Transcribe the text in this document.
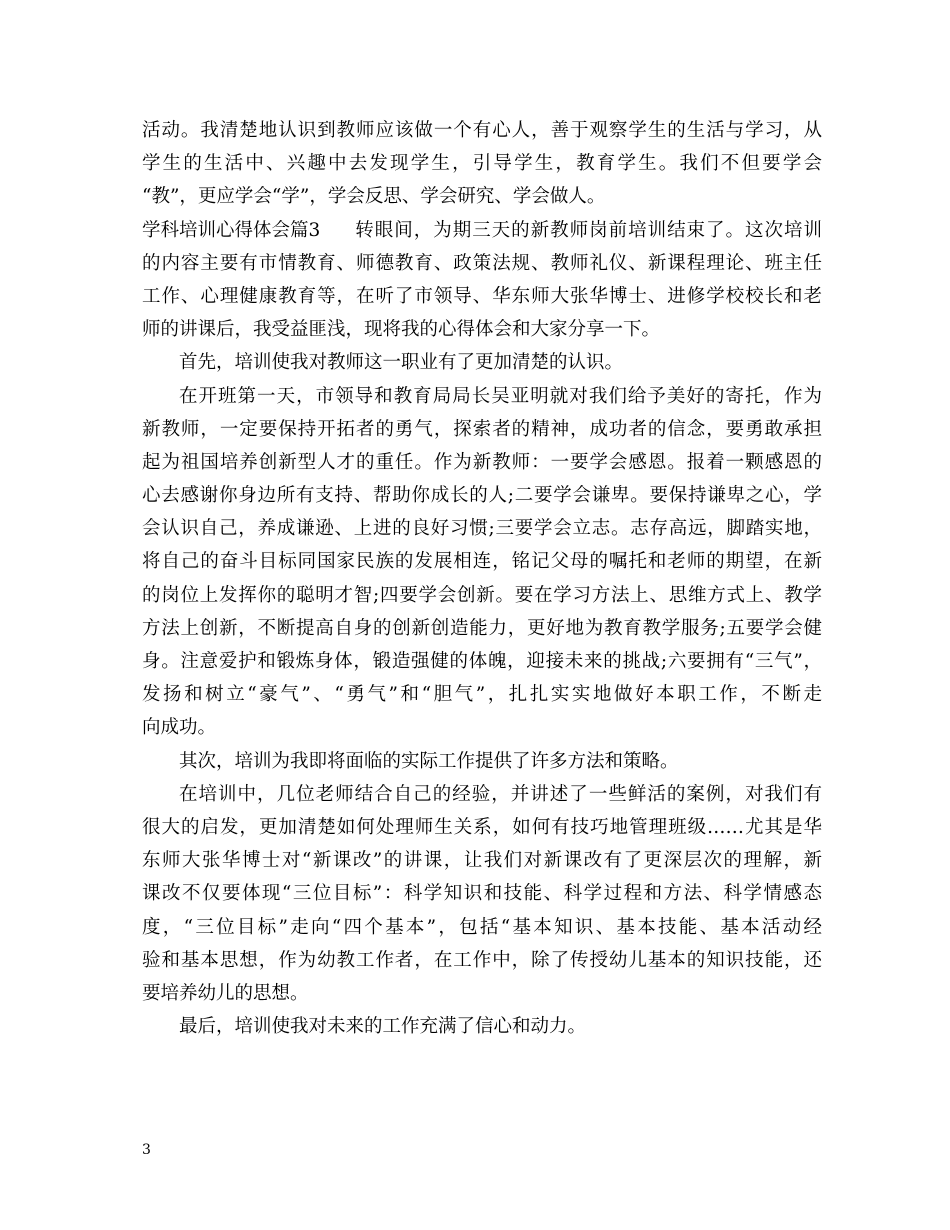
活动。我清楚地认识到教师应该做一个有心人，善于观察学生的生活与学习，从
学生的生活中、兴趣中去发现学生，引导学生，教育学生。我们不但要学会
“教”，更应学会“学”，学会反思、学会研究、学会做人。
学科培训心得体会篇3 转眼间，为期三天的新教师岗前培训结束了。这次培训
的内容主要有市情教育、师德教育、政策法规、教师礼仪、新课程理论、班主任
工作、心理健康教育等，在听了市领导、华东师大张华博士、进修学校校长和老
师的讲课后，我受益匪浅，现将我的心得体会和大家分享一下。
首先，培训使我对教师这一职业有了更加清楚的认识。
在开班第一天，市领导和教育局局长吴亚明就对我们给予美好的寄托，作为
新教师，一定要保持开拓者的勇气，探索者的精神，成功者的信念，要勇敢承担
起为祖国培养创新型人才的重任。作为新教师：一要学会感恩。报着一颗感恩的
心去感谢你身边所有支持、帮助你成长的人;二要学会谦卑。要保持谦卑之心，学
会认识自己，养成谦逊、上进的良好习惯;三要学会立志。志存高远，脚踏实地，
将自己的奋斗目标同国家民族的发展相连，铭记父母的嘱托和老师的期望，在新
的岗位上发挥你的聪明才智;四要学会创新。要在学习方法上、思维方式上、教学
方法上创新，不断提高自身的创新创造能力，更好地为教育教学服务;五要学会健
身。注意爱护和锻炼身体，锻造强健的体魄，迎接未来的挑战;六要拥有“三气”，
发扬和树立“豪气”、“勇气”和“胆气”，扎扎实实地做好本职工作，不断走
向成功。
其次，培训为我即将面临的实际工作提供了许多方法和策略。
在培训中，几位老师结合自己的经验，并讲述了一些鲜活的案例，对我们有
很大的启发，更加清楚如何处理师生关系，如何有技巧地管理班级……尤其是华
东师大张华博士对“新课改”的讲课，让我们对新课改有了更深层次的理解，新
课改不仅要体现“三位目标”：科学知识和技能、科学过程和方法、科学情感态
度，“三位目标”走向“四个基本”，包括“基本知识、基本技能、基本活动经
验和基本思想，作为幼教工作者，在工作中，除了传授幼儿基本的知识技能，还
要培养幼儿的思想。
最后，培训使我对未来的工作充满了信心和动力。
3
